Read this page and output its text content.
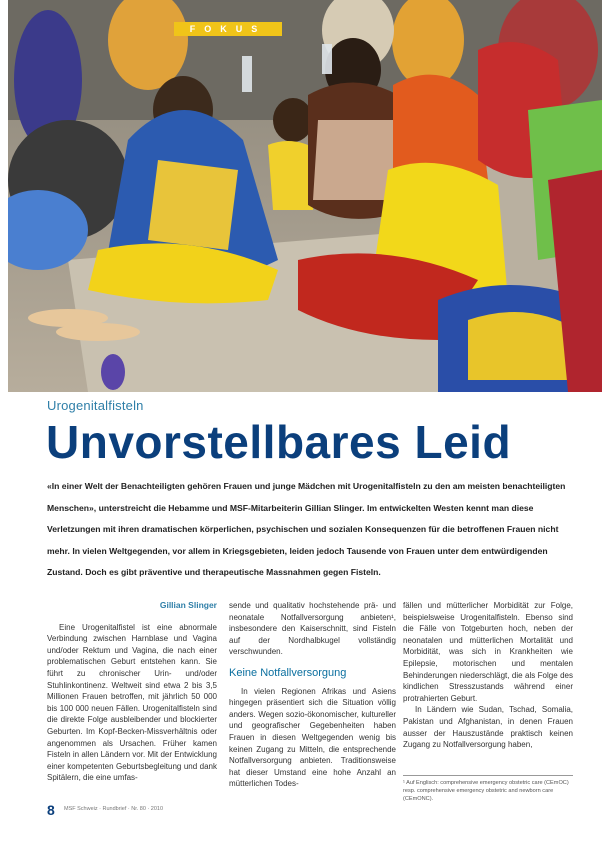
FOKUS
Urogenitalfisteln
Unvorstellbares Leid
«In einer Welt der Benachteiligten gehören Frauen und junge Mädchen mit Urogenitalfisteln zu den am meisten benachteiligten Menschen», unterstreicht die Hebamme und MSF-Mitarbeiterin Gillian Slinger. Im entwickelten Westen kennt man diese Verletzungen mit ihren dramatischen körperlichen, psychischen und sozialen Konsequenzen für die betroffenen Frauen nicht mehr. In vielen Weltgegenden, vor allem in Kriegsgebieten, leiden jedoch Tausende von Frauen unter dem entwürdigenden Zustand. Doch es gibt präventive und therapeutische Massnahmen gegen Fisteln.
Gillian Slinger

Eine Urogenitalfistel ist eine abnormale Verbindung zwischen Harnblase und Vagina und/oder Rektum und Vagina, die nach einer problematischen Geburt entstehen kann. Sie führt zu chronischer Urin- und/oder Stuhlinkontinenz. Weltweit sind etwa 2 bis 3,5 Millionen Frauen betroffen, mit jährlich 50 000 bis 100 000 neuen Fällen. Urogenitalfisteln sind die direkte Folge ausbleibender und blockierter Geburten. Im Kopf-Becken-Missverhältnis oder angenommen als Ursachen. Früher kamen Fisteln in allen Ländern vor. Mit der Entwicklung einer kompetenten Geburtsbegleitung und dank Spitälern, die eine umfas-

sende und qualitativ hochstehende prä- und neonatale Notfallversorgung anbieten¹, insbesondere den Kaiserschnitt, sind Fisteln auf der Nordhalbkugel vollständig verschwunden.

Keine Notfallversorgung

In vielen Regionen Afrikas und Asiens hingegen präsentiert sich die Situation völlig anders. Wegen sozio-ökonomischer, kultureller und geografischer Gegebenheiten haben Frauen in diesen Weltgegenden wenig bis keinen Zugang zu Mitteln, die entsprechende Notfallversorgung anbieten. Traditionsweise hat dieser Umstand eine hohe Anzahl an mütterlichen Todes-

fällen und mütterlicher Morbidität zur Folge, beispielsweise Urogenitalfisteln. Ebenso sind die Fälle von Totgeburten hoch, neben der neonatalen und mütterlichen Mortalität und Morbidität, was sich in Krankheiten wie Epilepsie, motorischen und mentalen Behinderungen niederschlägt, die als Folge des kindlichen Stresszustands während einer protrahierten Geburt.

In Ländern wie Sudan, Tschad, Somalia, Pakistan und Afghanistan, in denen Frauen ausser der Hauszustände praktisch keinen Zugang zu Notfallversorgung haben,

¹ Auf Englisch: comprehensive emergency obstetric care (CEmOC) resp. comprehensive emergency obstetric and newborn care (CEmONC).
8 MSF Schweiz · Rundbrief · Nr. 80 · 2010
